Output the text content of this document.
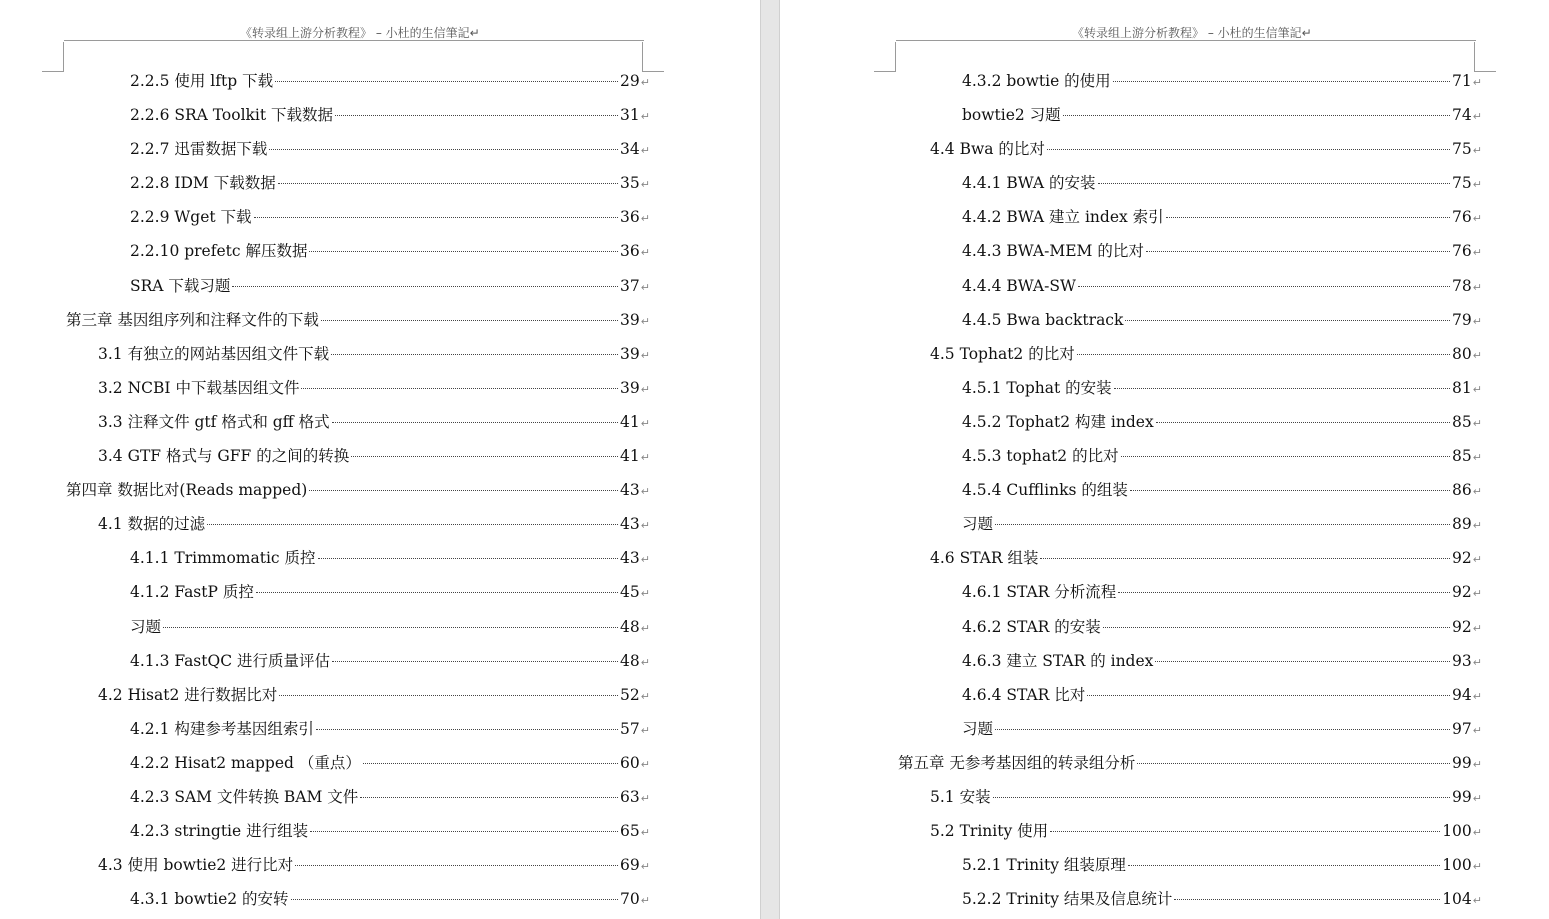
《转录组上游分析教程》 – 小杜的生信筆記↵
2.2.5 使用 lftp 下载	29 ↵
2.2.6 SRA Toolkit 下载数据	31 ↵
2.2.7 迅雷数据下载	34 ↵
2.2.8 IDM 下载数据	35 ↵
2.2.9 Wget 下载	36 ↵
2.2.10 prefetc 解压数据	36 ↵
SRA 下载习题	37 ↵
第三章 基因组序列和注释文件的下载	39 ↵
3.1 有独立的网站基因组文件下载	39 ↵
3.2 NCBI 中下载基因组文件	39 ↵
3.3 注释文件 gtf 格式和 gff 格式	41 ↵
3.4 GTF 格式与 GFF 的之间的转换	41 ↵
第四章 数据比对(Reads mapped)	43 ↵
4.1 数据的过滤	43 ↵
4.1.1 Trimmomatic 质控	43 ↵
4.1.2 FastP 质控	45 ↵
习题	48 ↵
4.1.3 FastQC 进行质量评估	48 ↵
4.2 Hisat2 进行数据比对	52 ↵
4.2.1 构建参考基因组索引	57 ↵
4.2.2 Hisat2 mapped （重点）	60 ↵
4.2.3 SAM 文件转换 BAM 文件	63 ↵
4.2.3 stringtie 进行组装	65 ↵
4.3 使用 bowtie2 进行比对	69 ↵
4.3.1 bowtie2 的安转	70 ↵
《转录组上游分析教程》 – 小杜的生信筆記↵
4.3.2 bowtie 的使用	71 ↵
bowtie2 习题	74 ↵
4.4 Bwa 的比对	75 ↵
4.4.1 BWA 的安装	75 ↵
4.4.2 BWA 建立 index 索引	76 ↵
4.4.3 BWA-MEM 的比对	76 ↵
4.4.4 BWA-SW	78 ↵
4.4.5 Bwa backtrack	79 ↵
4.5 Tophat2 的比对	80 ↵
4.5.1 Tophat 的安装	81 ↵
4.5.2 Tophat2 构建 index	85 ↵
4.5.3 tophat2 的比对	85 ↵
4.5.4 Cufflinks 的组装	86 ↵
习题	89 ↵
4.6 STAR 组装	92 ↵
4.6.1 STAR 分析流程	92 ↵
4.6.2 STAR 的安装	92 ↵
4.6.3 建立 STAR 的 index	93 ↵
4.6.4 STAR 比对	94 ↵
习题	97 ↵
第五章 无参考基因组的转录组分析	99 ↵
5.1 安装	99 ↵
5.2 Trinity 使用	100 ↵
5.2.1 Trinity 组装原理	100 ↵
5.2.2 Trinity 结果及信息统计	104 ↵
